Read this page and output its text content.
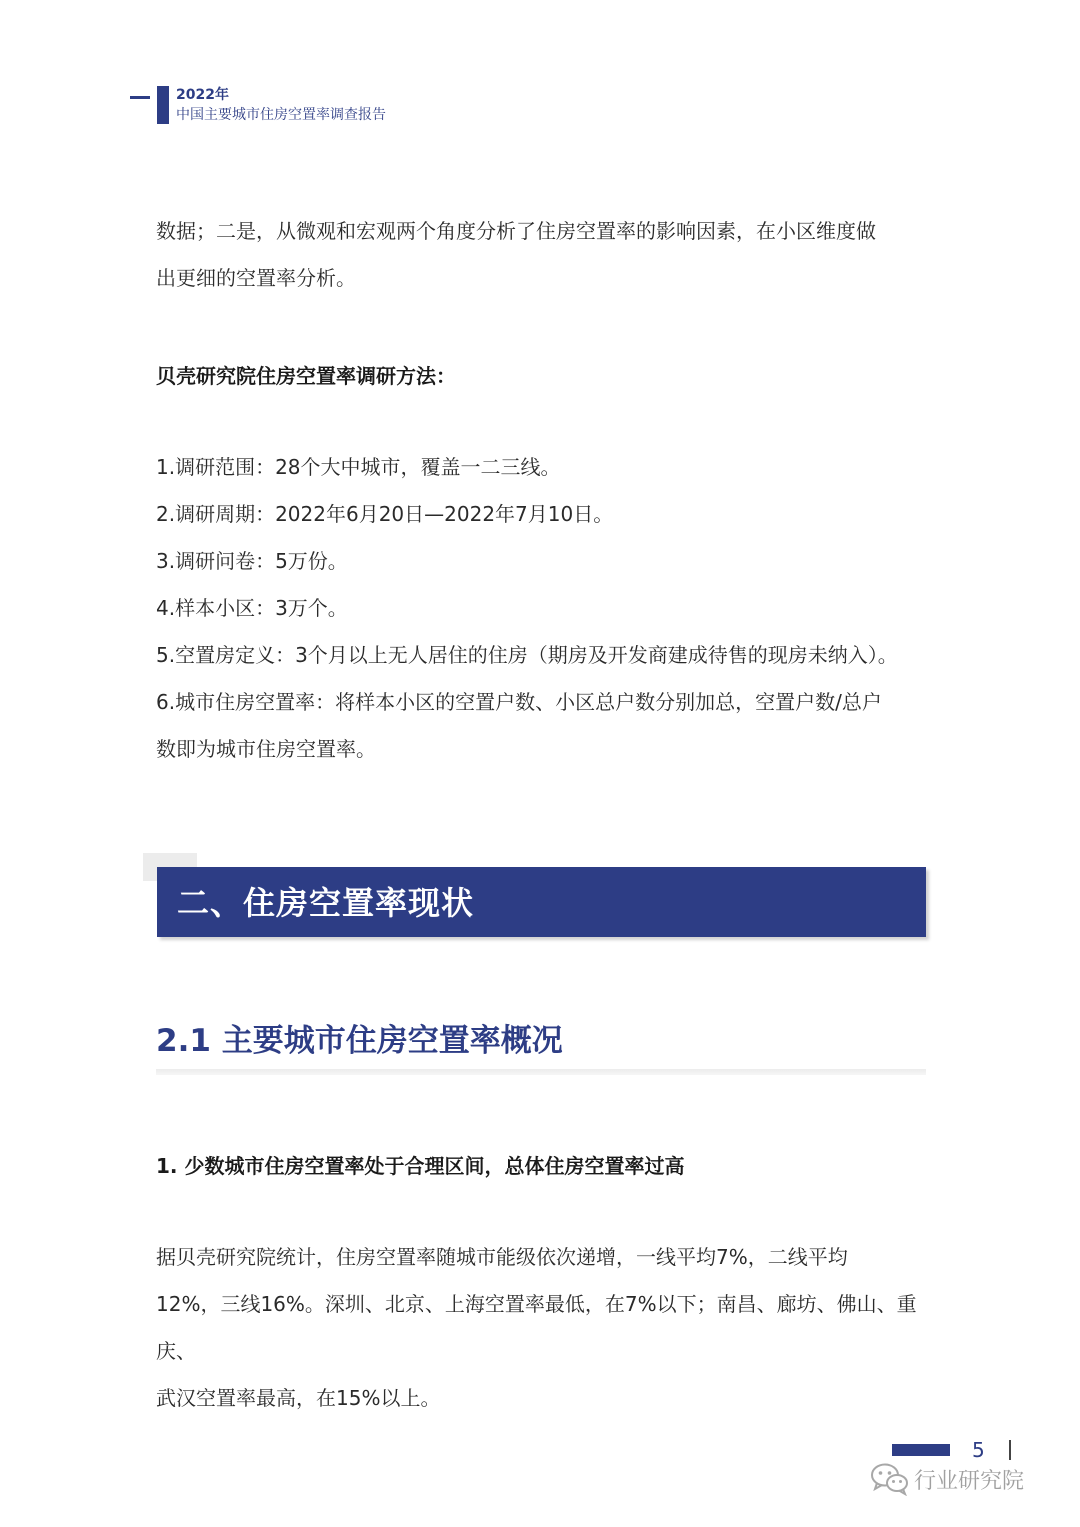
2022年
中国主要城市住房空置率调查报告
数据；二是，从微观和宏观两个角度分析了住房空置率的影响因素，在小区维度做
出更细的空置率分析。
贝壳研究院住房空置率调研方法：
1.调研范围：28个大中城市，覆盖一二三线。
2.调研周期：2022年6月20日—2022年7月10日。
3.调研问卷：5万份。
4.样本小区：3万个。
5.空置房定义：3个月以上无人居住的住房（期房及开发商建成待售的现房未纳入）。
6.城市住房空置率：将样本小区的空置户数、小区总户数分别加总，空置户数/总户
数即为城市住房空置率。
二、住房空置率现状
2.1 主要城市住房空置率概况
1. 少数城市住房空置率处于合理区间，总体住房空置率过高
据贝壳研究院统计，住房空置率随城市能级依次递增，一线平均7%，二线平均
12%，三线16%。深圳、北京、上海空置率最低，在7%以下；南昌、廊坊、佛山、重庆、
武汉空置率最高，在15%以上。
5
行业研究院
